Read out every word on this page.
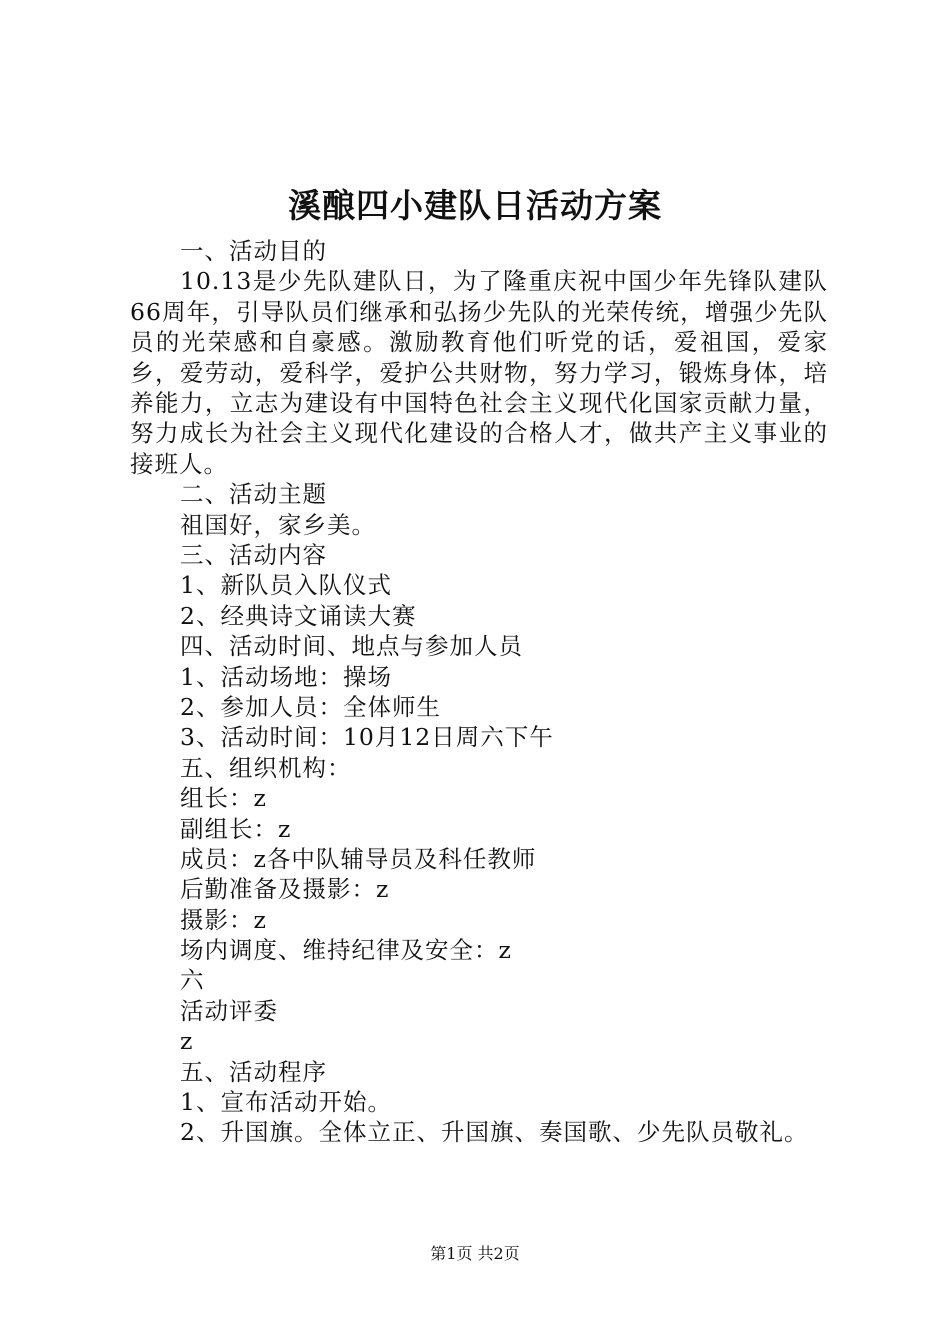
溪酿四小建队日活动方案
一、活动目的
10.13是少先队建队日，为了隆重庆祝中国少年先锋队建队66周年，引导队员们继承和弘扬少先队的光荣传统，增强少先队员的光荣感和自豪感。激励教育他们听党的话，爱祖国，爱家乡，爱劳动，爱科学，爱护公共财物，努力学习，锻炼身体，培养能力，立志为建设有中国特色社会主义现代化国家贡献力量，努力成长为社会主义现代化建设的合格人才，做共产主义事业的接班人。
二、活动主题
祖国好，家乡美。
三、活动内容
1、新队员入队仪式
2、经典诗文诵读大赛
四、活动时间、地点与参加人员
1、活动场地：操场
2、参加人员：全体师生
3、活动时间：10月12日周六下午
五、组织机构：
组长：z
副组长：z
成员：z各中队辅导员及科任教师
后勤准备及摄影：z
摄影：z
场内调度、维持纪律及安全：z
六
活动评委
z
五、活动程序
1、宣布活动开始。
2、升国旗。全体立正、升国旗、奏国歌、少先队员敬礼。
第1页 共2页
